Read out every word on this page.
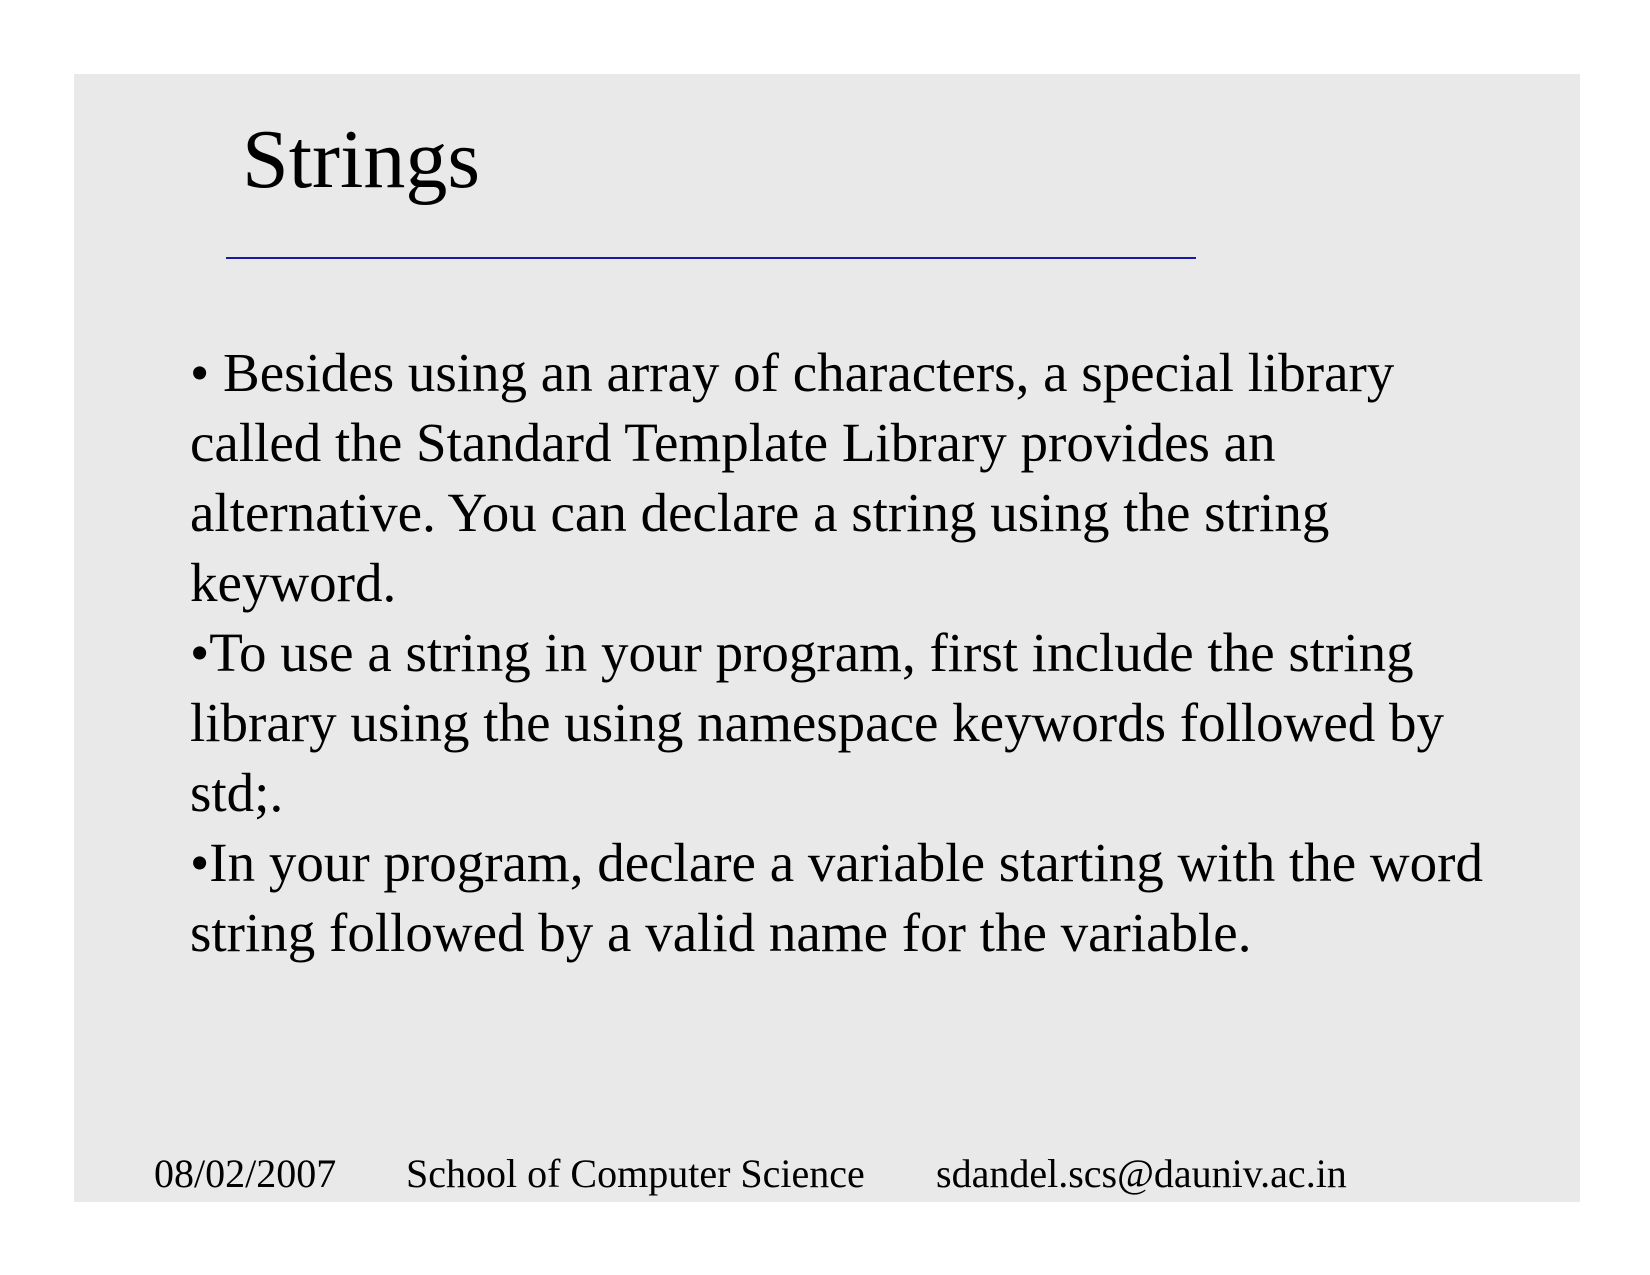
Strings

• Besides using an array of characters, a special library called the Standard Template Library provides an alternative. You can declare a string using the string keyword.

•To use a string in your program, first include the string library using the using namespace keywords followed by std;.

•In your program, declare a variable starting with the word string followed by a valid name for the variable.

08/02/2007 School of Computer Science sdandel.scs@dauniv.ac.in
